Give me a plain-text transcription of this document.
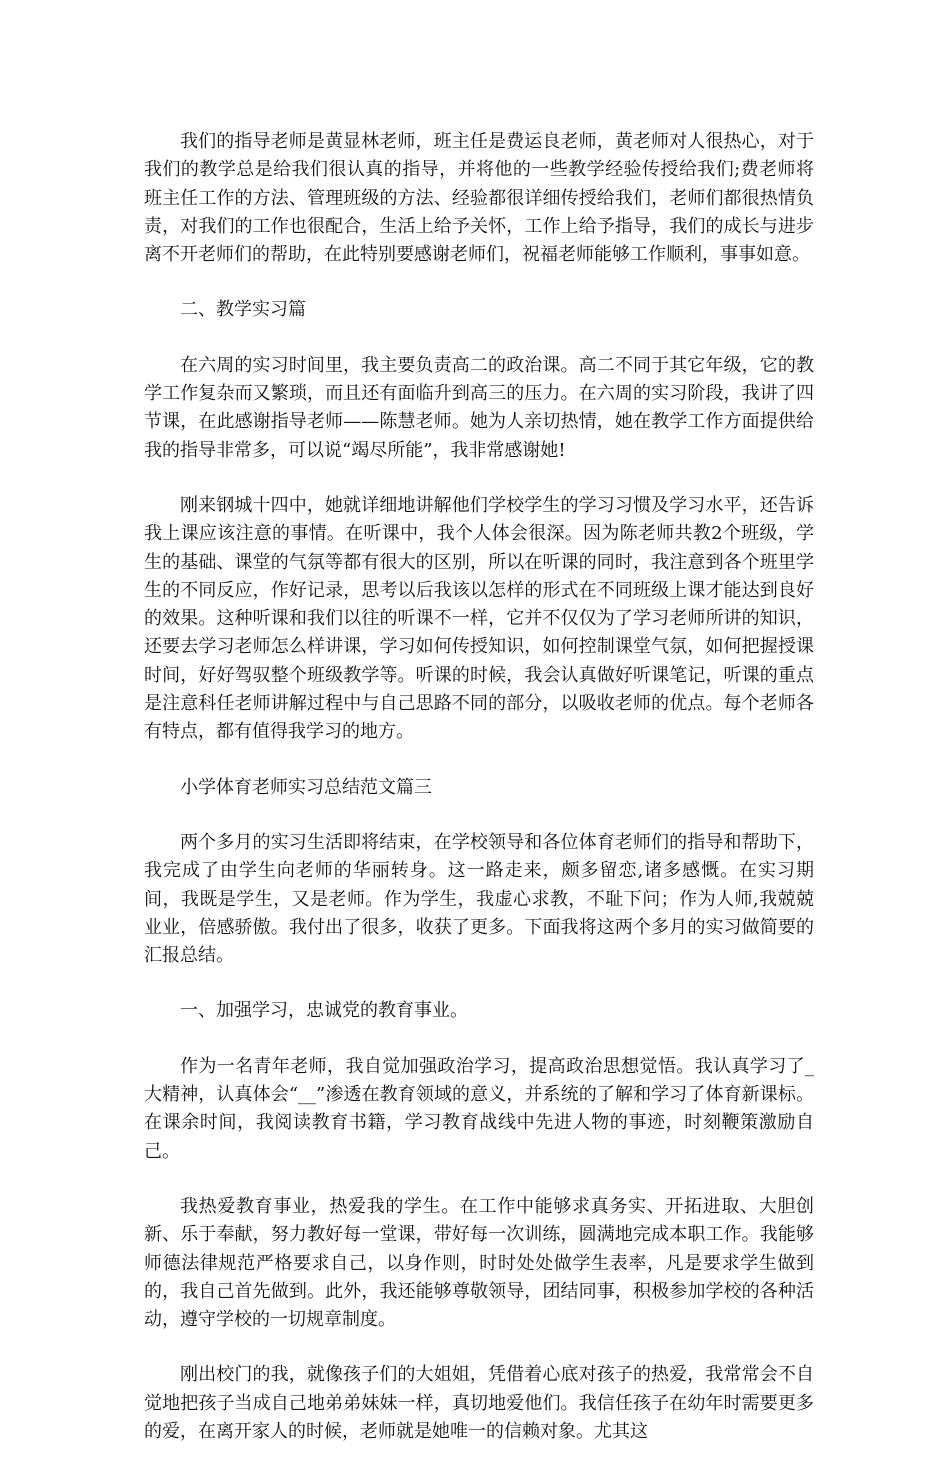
我们的指导老师是黄显林老师，班主任是费运良老师，黄老师对人很热心，对于我们的教学总是给我们很认真的指导，并将他的一些教学经验传授给我们;费老师将班主任工作的方法、管理班级的方法、经验都很详细传授给我们，老师们都很热情负责，对我们的工作也很配合，生活上给予关怀，工作上给予指导，我们的成长与进步离不开老师们的帮助，在此特别要感谢老师们，祝福老师能够工作顺利，事事如意。

二、教学实习篇

在六周的实习时间里，我主要负责高二的政治课。高二不同于其它年级，它的教学工作复杂而又繁琐，而且还有面临升到高三的压力。在六周的实习阶段，我讲了四节课，在此感谢指导老师——陈慧老师。她为人亲切热情，她在教学工作方面提供给我的指导非常多，可以说“竭尽所能”，我非常感谢她!

刚来钢城十四中，她就详细地讲解他们学校学生的学习习惯及学习水平，还告诉我上课应该注意的事情。在听课中，我个人体会很深。因为陈老师共教2个班级，学生的基础、课堂的气氛等都有很大的区别，所以在听课的同时，我注意到各个班里学生的不同反应，作好记录，思考以后我该以怎样的形式在不同班级上课才能达到良好的效果。这种听课和我们以往的听课不一样，它并不仅仅为了学习老师所讲的知识，还要去学习老师怎么样讲课，学习如何传授知识，如何控制课堂气氛，如何把握授课时间，好好驾驭整个班级教学等。听课的时候，我会认真做好听课笔记，听课的重点是注意科任老师讲解过程中与自己思路不同的部分，以吸收老师的优点。每个老师各有特点，都有值得我学习的地方。

小学体育老师实习总结范文篇三

两个多月的实习生活即将结束，在学校领导和各位体育老师们的指导和帮助下，我完成了由学生向老师的华丽转身。这一路走来，颇多留恋,诸多感慨。在实习期间，我既是学生，又是老师。作为学生，我虚心求教，不耻下问；作为人师,我兢兢业业，倍感骄傲。我付出了很多，收获了更多。下面我将这两个多月的实习做简要的汇报总结。

一、加强学习，忠诚党的教育事业。

作为一名青年老师，我自觉加强政治学习，提高政治思想觉悟。我认真学习了_大精神，认真体会“__”渗透在教育领域的意义，并系统的了解和学习了体育新课标。在课余时间，我阅读教育书籍，学习教育战线中先进人物的事迹，时刻鞭策激励自己。

我热爱教育事业，热爱我的学生。在工作中能够求真务实、开拓进取、大胆创新、乐于奉献，努力教好每一堂课，带好每一次训练，圆满地完成本职工作。我能够师德法律规范严格要求自己，以身作则，时时处处做学生表率，凡是要求学生做到的，我自己首先做到。此外，我还能够尊敬领导，团结同事，积极参加学校的各种活动，遵守学校的一切规章制度。

刚出校门的我，就像孩子们的大姐姐，凭借着心底对孩子的热爱，我常常会不自觉地把孩子当成自己地弟弟妹妹一样，真切地爱他们。我信任孩子在幼年时需要更多的爱，在离开家人的时候，老师就是她唯一的信赖对象。尤其这
